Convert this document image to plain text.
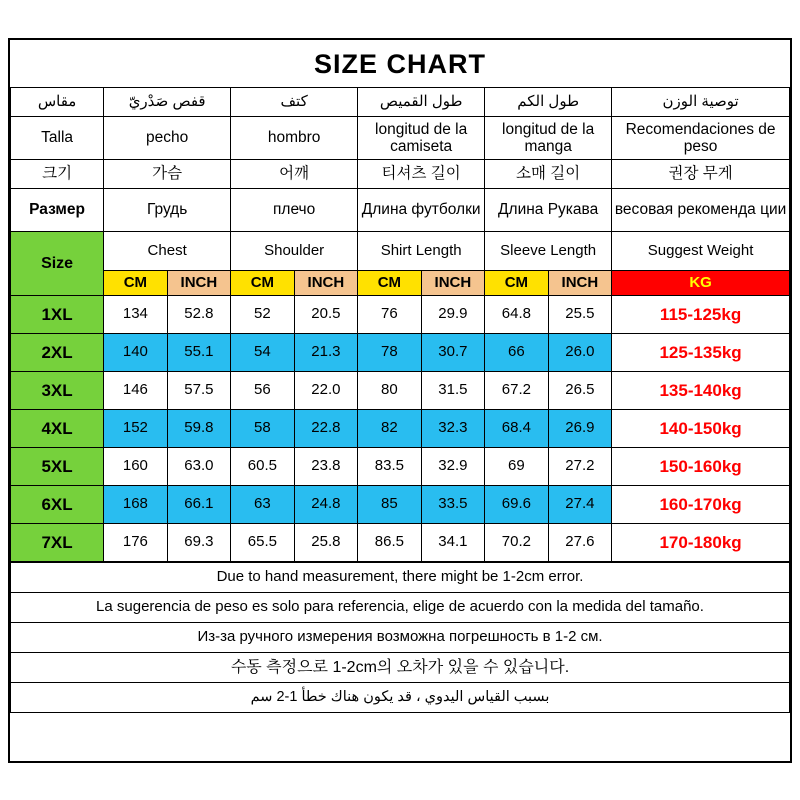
SIZE CHART
مقاس	قفص صَدْريّ		كتف		طول القميص		طول الكم		توصية الوزن
Talla	pecho		hombro		longitud de la camiseta		longitud de la manga		Recomendaciones de peso
크기	가슴		어깨		티셔츠 길이		소매 길이		권장 무게
Размер	Грудь		плечо		Длина футболки		Длина Рукава		весовая рекоменда ции
Size	Chest		Shoulder		Shirt Length		Sleeve Length		Suggest Weight
	CM	INCH	CM	INCH	CM	INCH	CM	INCH	KG
1XL	134	52.8	52	20.5	76	29.9	64.8	25.5	115-125kg
2XL	140	55.1	54	21.3	78	30.7	66	26.0	125-135kg
3XL	146	57.5	56	22.0	80	31.5	67.2	26.5	135-140kg
4XL	152	59.8	58	22.8	82	32.3	68.4	26.9	140-150kg
5XL	160	63.0	60.5	23.8	83.5	32.9	69	27.2	150-160kg
6XL	168	66.1	63	24.8	85	33.5	69.6	27.4	160-170kg
7XL	176	69.3	65.5	25.8	86.5	34.1	70.2	27.6	170-180kg
Due to hand measurement, there might be 1-2cm error.
La sugerencia de peso es solo para referencia, elige de acuerdo con la medida del tamaño.
Из-за ручного измерения возможна погрешность в 1-2 см.
수동 측정으로 1-2cm의 오차가 있을 수 있습니다.
بسبب القياس اليدوي ، قد يكون هناك خطأ 1-2 سم
